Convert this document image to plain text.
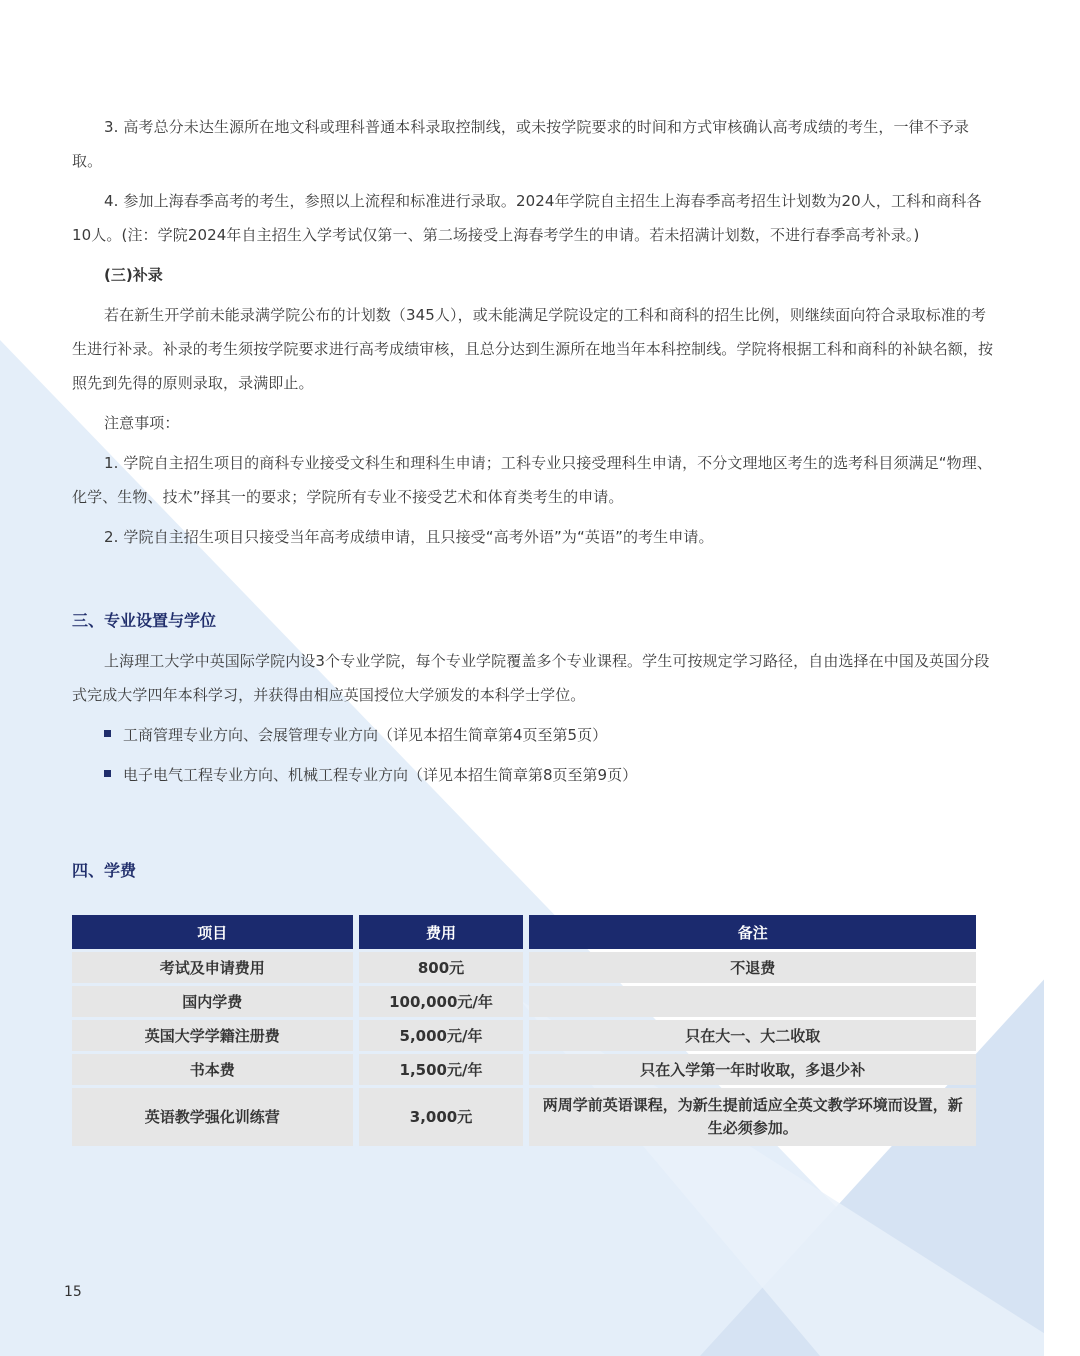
3. 高考总分未达生源所在地文科或理科普通本科录取控制线，或未按学院要求的时间和方式审核确认高考成绩的考生，一律不予录取。

4. 参加上海春季高考的考生，参照以上流程和标准进行录取。2024年学院自主招生上海春季高考招生计划数为20人，工科和商科各10人。(注：学院2024年自主招生入学考试仅第一、第二场接受上海春考学生的申请。若未招满计划数，不进行春季高考补录。)

(三)补录

若在新生开学前未能录满学院公布的计划数（345人），或未能满足学院设定的工科和商科的招生比例，则继续面向符合录取标准的考生进行补录。补录的考生须按学院要求进行高考成绩审核，且总分达到生源所在地当年本科控制线。学院将根据工科和商科的补缺名额，按照先到先得的原则录取，录满即止。

注意事项：

1. 学院自主招生项目的商科专业接受文科生和理科生申请；工科专业只接受理科生申请，不分文理地区考生的选考科目须满足“物理、化学、生物、技术”择其一的要求；学院所有专业不接受艺术和体育类考生的申请。

2. 学院自主招生项目只接受当年高考成绩申请，且只接受“高考外语”为“英语”的考生申请。

三、专业设置与学位

上海理工大学中英国际学院内设3个专业学院，每个专业学院覆盖多个专业课程。学生可按规定学习路径，自由选择在中国及英国分段式完成大学四年本科学习，并获得由相应英国授位大学颁发的本科学士学位。

工商管理专业方向、会展管理专业方向（详见本招生简章第4页至第5页）
电子电气工程专业方向、机械工程专业方向（详见本招生简章第8页至第9页）
四、学费
项目	费用	备注
考试及申请费用	800元	不退费
国内学费	100,000元/年	
英国大学学籍注册费	5,000元/年	只在大一、大二收取
书本费	1,500元/年	只在入学第一年时收取，多退少补
英语教学强化训练营	3,000元	两周学前英语课程，为新生提前适应全英文教学环境而设置，新生必须参加。
15
